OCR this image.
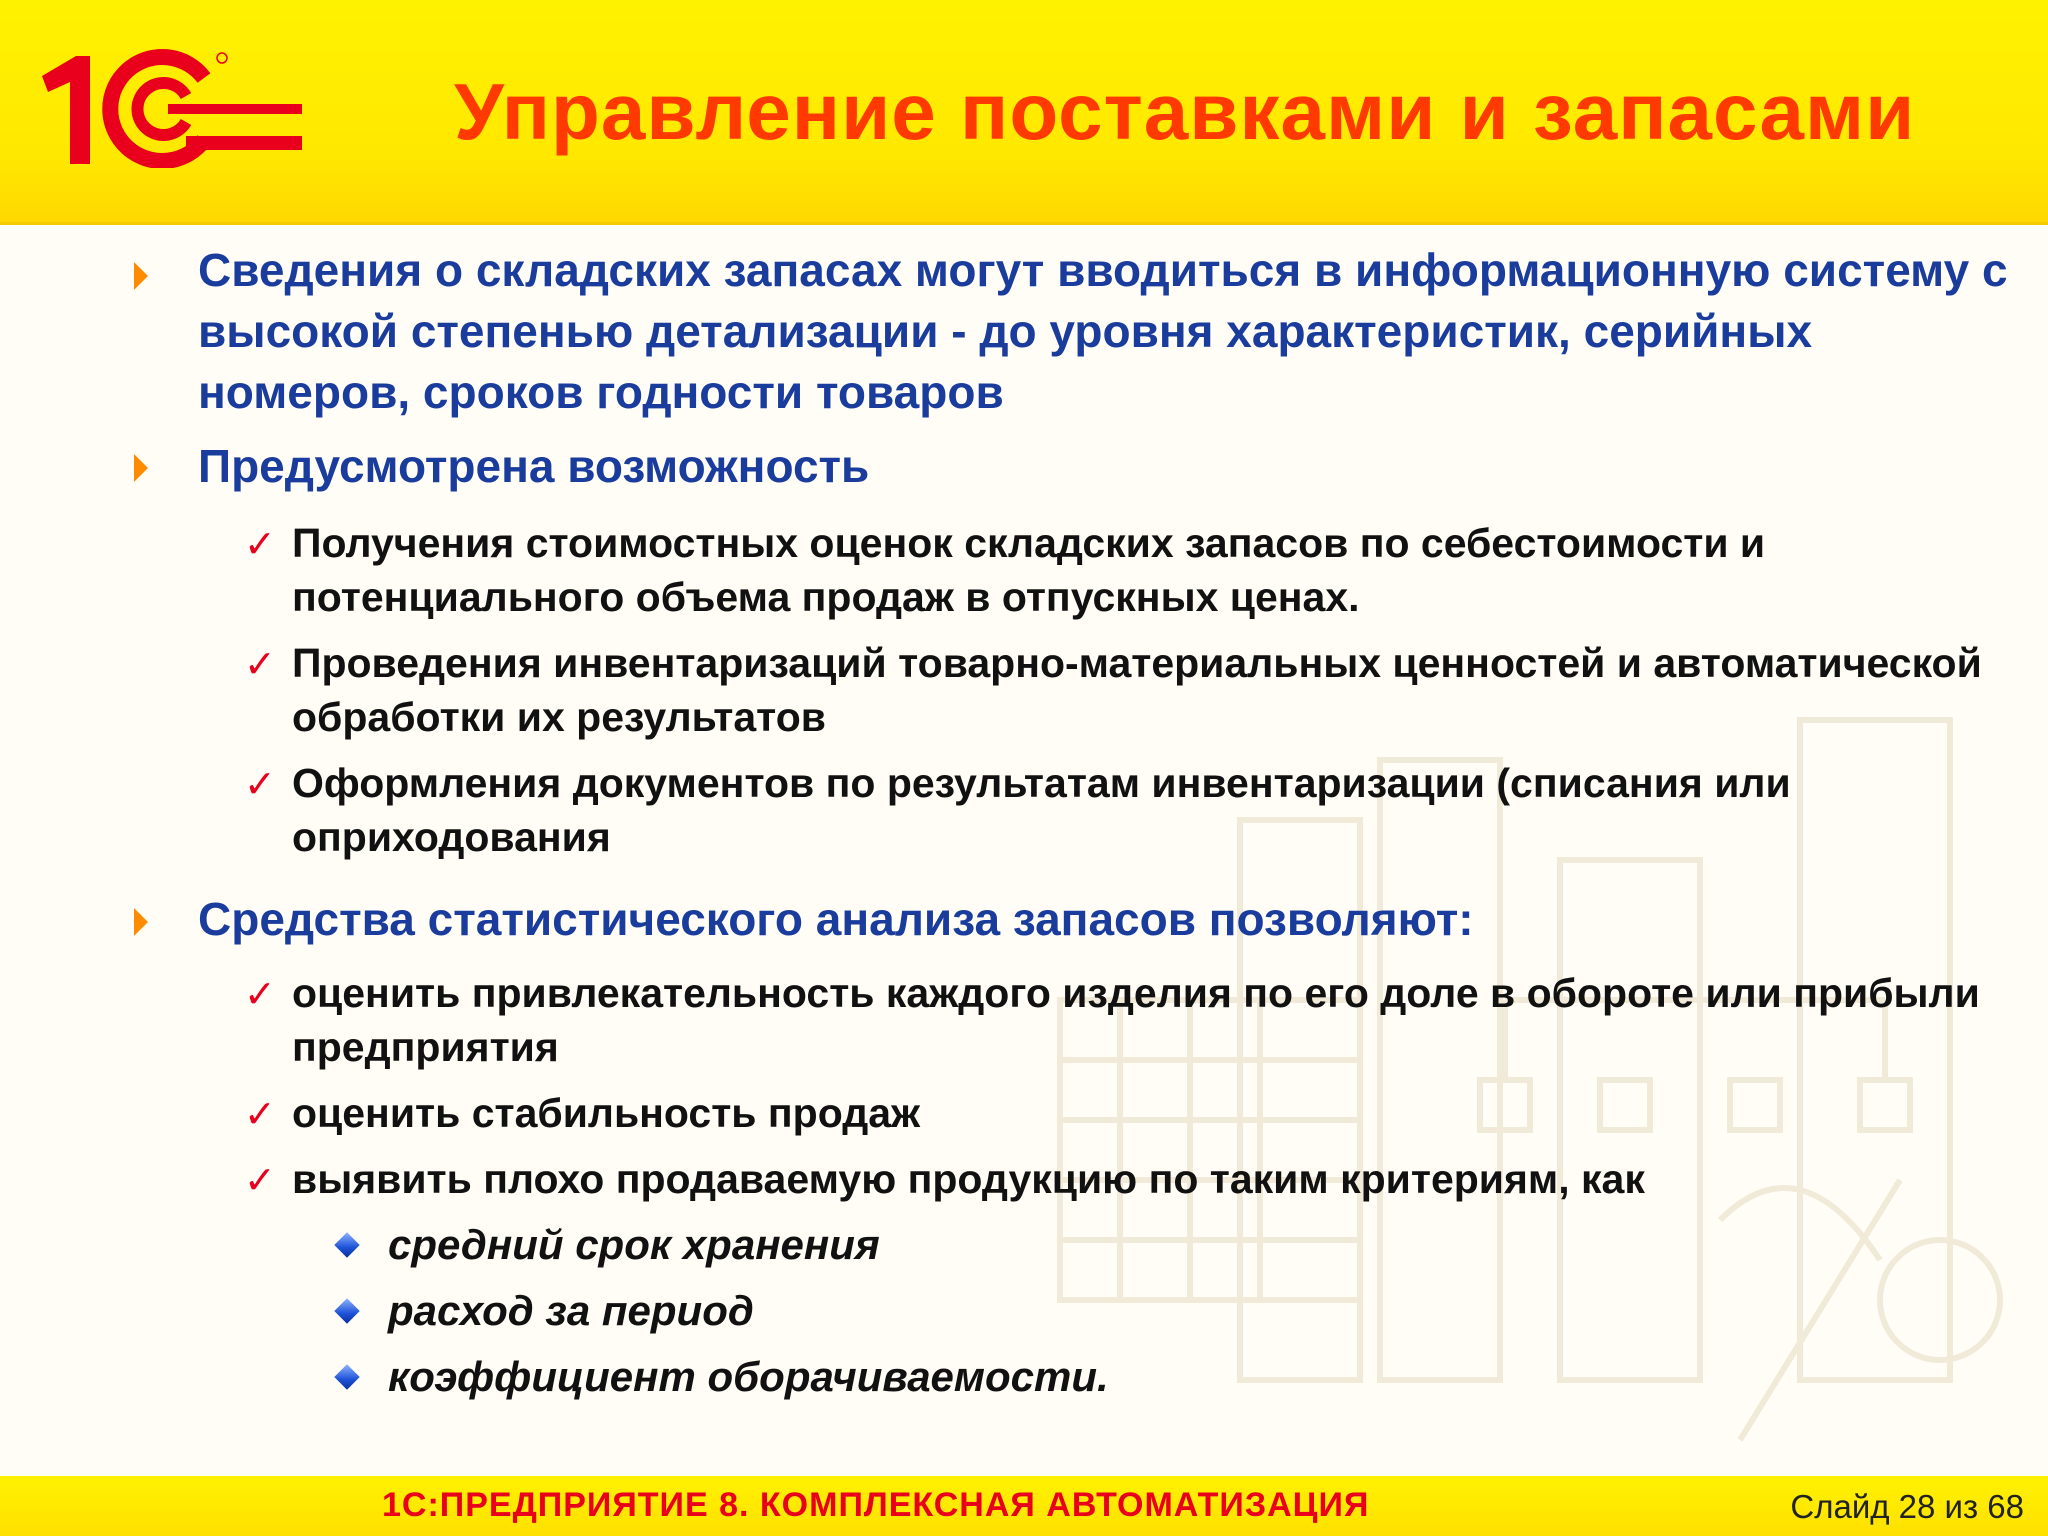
Управление поставками и запасами
Сведения о складских запасах могут вводиться в информационную систему с высокой степенью детализации - до уровня характеристик, серийных номеров, сроков годности товаров
Предусмотрена возможность
✓ Получения стоимостных оценок складских запасов по себестоимости и потенциального объема продаж в отпускных ценах.
✓ Проведения инвентаризаций товарно-материальных ценностей и автоматической обработки их результатов
✓ Оформления документов по результатам инвентаризации (списания или оприходования
Средства статистического анализа запасов позволяют:
✓ оценить привлекательность каждого изделия по его доле в обороте или прибыли предприятия
✓ оценить стабильность продаж
✓ выявить плохо продаваемую продукцию по таким критериям, как
средний срок хранения
расход за период
коэффициент оборачиваемости.
1С:ПРЕДПРИЯТИЕ 8. КОМПЛЕКСНАЯ АВТОМАТИЗАЦИЯ	Слайд 28 из 68
